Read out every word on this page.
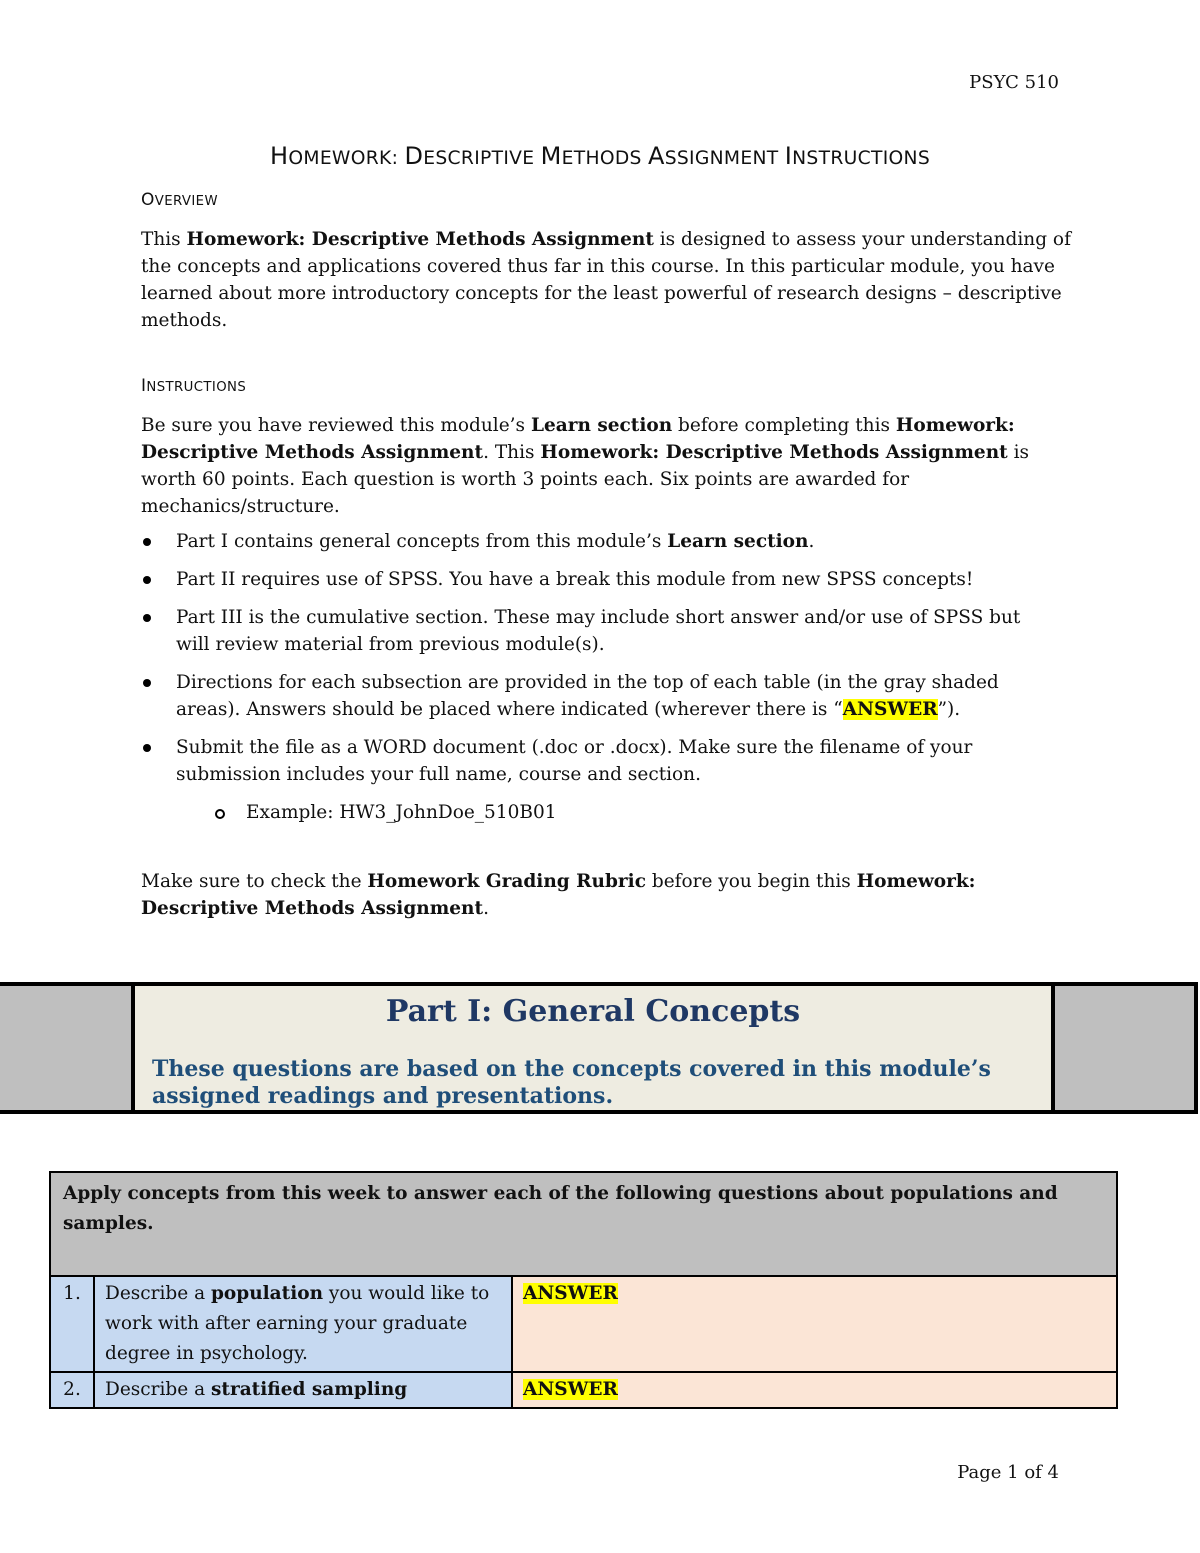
PSYC 510
HOMEWORK: DESCRIPTIVE METHODS ASSIGNMENT INSTRUCTIONS
OVERVIEW
This Homework: Descriptive Methods Assignment is designed to assess your understanding of the concepts and applications covered thus far in this course. In this particular module, you have learned about more introductory concepts for the least powerful of research designs – descriptive methods.
INSTRUCTIONS
Be sure you have reviewed this module’s Learn section before completing this Homework: Descriptive Methods Assignment. This Homework: Descriptive Methods Assignment is worth 60 points. Each question is worth 3 points each. Six points are awarded for mechanics/structure.
Part I contains general concepts from this module’s Learn section.
Part II requires use of SPSS. You have a break this module from new SPSS concepts!
Part III is the cumulative section. These may include short answer and/or use of SPSS but will review material from previous module(s).
Directions for each subsection are provided in the top of each table (in the gray shaded areas). Answers should be placed where indicated (wherever there is “ANSWER”).
Submit the file as a WORD document (.doc or .docx). Make sure the filename of your submission includes your full name, course and section.
Example: HW3_JohnDoe_510B01
Make sure to check the Homework Grading Rubric before you begin this Homework: Descriptive Methods Assignment.
Part I: General Concepts
These questions are based on the concepts covered in this module’s assigned readings and presentations.
Apply concepts from this week to answer each of the following questions about populations and samples.		
1.	Describe a population you would like to work with after earning your graduate degree in psychology.	ANSWER
2.	Describe a stratified sampling	ANSWER
Page 1 of 4
